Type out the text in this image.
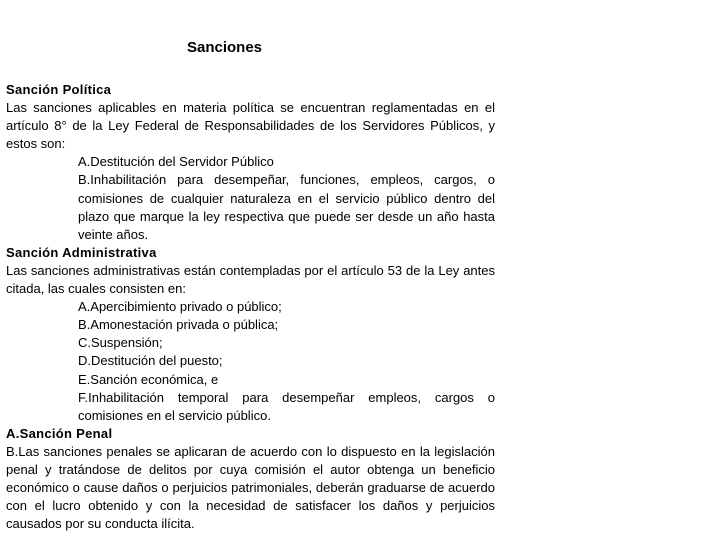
Sanciones

Sanción Política

Las sanciones aplicables en materia política se encuentran reglamentadas en el artículo 8° de la Ley Federal de Responsabilidades de los Servidores Públicos, y estos son:

A.Destitución del Servidor Público

B.Inhabilitación para desempeñar, funciones, empleos, cargos, o comisiones de cualquier naturaleza en el servicio público dentro del plazo que marque la ley respectiva que puede ser desde un año hasta veinte años.

Sanción Administrativa

Las sanciones administrativas están contempladas por el artículo 53 de la Ley antes citada, las cuales consisten en:

A.Apercibimiento privado o público;

B.Amonestación privada o pública;

C.Suspensión;

D.Destitución del puesto;

E.Sanción económica, e

F.Inhabilitación temporal para desempeñar empleos, cargos o comisiones en el servicio público.

A.Sanción Penal

B.Las sanciones penales se aplicaran de acuerdo con lo dispuesto en la legislación penal y tratándose de delitos por cuya comisión el autor obtenga un beneficio económico o cause daños o perjuicios patrimoniales, deberán graduarse de acuerdo con el lucro obtenido y con la necesidad de satisfacer los daños y perjuicios causados por su conducta ilícita.
